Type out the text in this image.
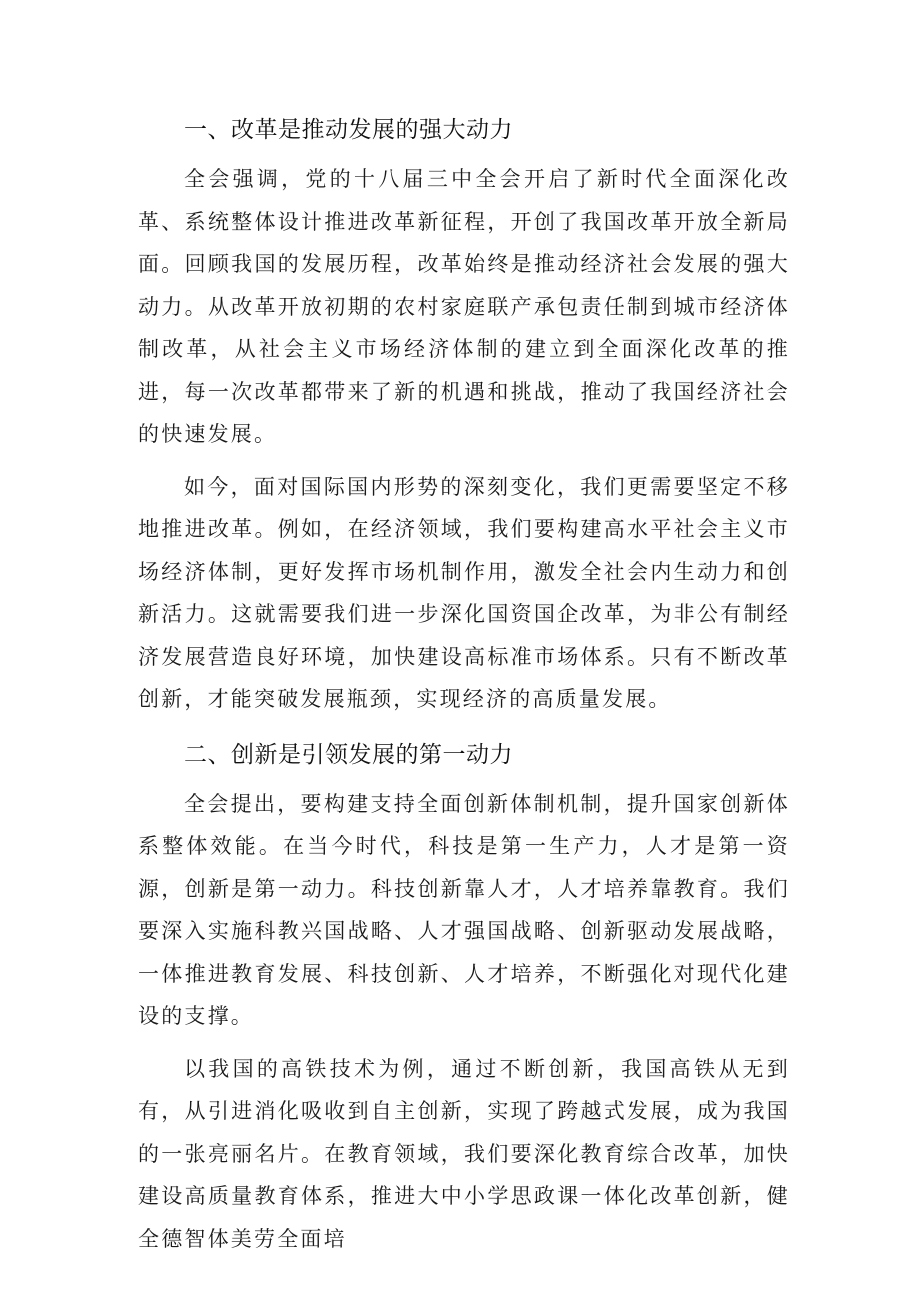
一、改革是推动发展的强大动力

全会强调，党的十八届三中全会开启了新时代全面深化改革、系统整体设计推进改革新征程，开创了我国改革开放全新局面。回顾我国的发展历程，改革始终是推动经济社会发展的强大动力。从改革开放初期的农村家庭联产承包责任制到城市经济体制改革，从社会主义市场经济体制的建立到全面深化改革的推进，每一次改革都带来了新的机遇和挑战，推动了我国经济社会的快速发展。

如今，面对国际国内形势的深刻变化，我们更需要坚定不移地推进改革。例如，在经济领域，我们要构建高水平社会主义市场经济体制，更好发挥市场机制作用，激发全社会内生动力和创新活力。这就需要我们进一步深化国资国企改革，为非公有制经济发展营造良好环境，加快建设高标准市场体系。只有不断改革创新，才能突破发展瓶颈，实现经济的高质量发展。

二、创新是引领发展的第一动力

全会提出，要构建支持全面创新体制机制，提升国家创新体系整体效能。在当今时代，科技是第一生产力，人才是第一资源，创新是第一动力。科技创新靠人才，人才培养靠教育。我们要深入实施科教兴国战略、人才强国战略、创新驱动发展战略，一体推进教育发展、科技创新、人才培养，不断强化对现代化建设的支撑。

以我国的高铁技术为例，通过不断创新，我国高铁从无到有，从引进消化吸收到自主创新，实现了跨越式发展，成为我国的一张亮丽名片。在教育领域，我们要深化教育综合改革，加快建设高质量教育体系，推进大中小学思政课一体化改革创新，健全德智体美劳全面培
